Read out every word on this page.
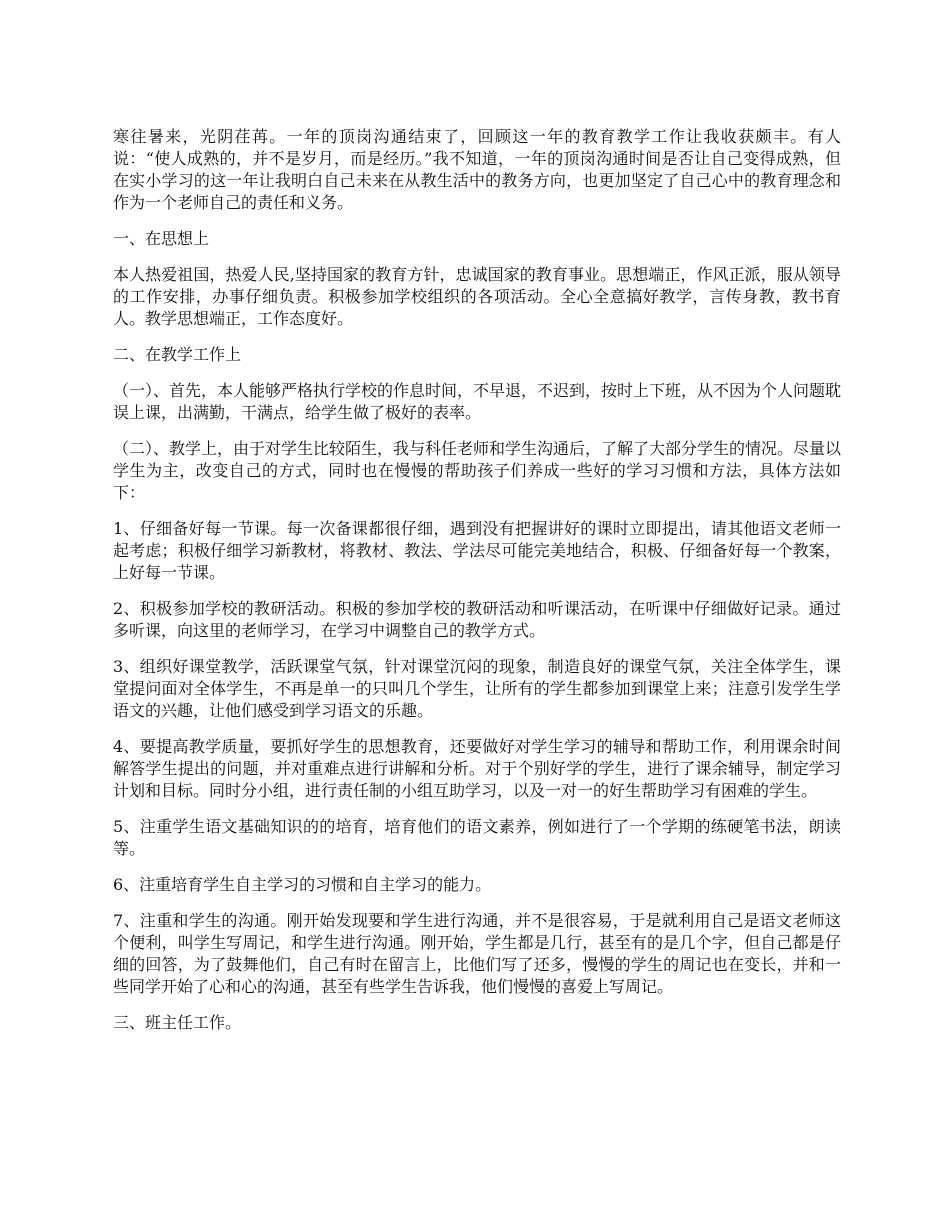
寒往暑来，光阴荏苒。一年的顶岗沟通结束了，回顾这一年的教育教学工作让我收获颇丰。有人说：“使人成熟的，并不是岁月，而是经历。”我不知道，一年的顶岗沟通时间是否让自己变得成熟，但在实小学习的这一年让我明白自己未来在从教生活中的教务方向，也更加坚定了自己心中的教育理念和作为一个老师自己的责任和义务。

一、在思想上

本人热爱祖国，热爱人民,坚持国家的教育方针，忠诚国家的教育事业。思想端正，作风正派，服从领导的工作安排，办事仔细负责。积极参加学校组织的各项活动。全心全意搞好教学，言传身教，教书育人。教学思想端正，工作态度好。

二、在教学工作上

（一）、首先，本人能够严格执行学校的作息时间，不早退，不迟到，按时上下班，从不因为个人问题耽误上课，出满勤，干满点，给学生做了极好的表率。

（二）、教学上，由于对学生比较陌生，我与科任老师和学生沟通后，了解了大部分学生的情况。尽量以学生为主，改变自己的方式，同时也在慢慢的帮助孩子们养成一些好的学习习惯和方法，具体方法如下：

1、仔细备好每一节课。每一次备课都很仔细，遇到没有把握讲好的课时立即提出，请其他语文老师一起考虑；积极仔细学习新教材，将教材、教法、学法尽可能完美地结合，积极、仔细备好每一个教案，上好每一节课。

2、积极参加学校的教研活动。积极的参加学校的教研活动和听课活动，在听课中仔细做好记录。通过多听课，向这里的老师学习，在学习中调整自己的教学方式。

3、组织好课堂教学，活跃课堂气氛，针对课堂沉闷的现象，制造良好的课堂气氛，关注全体学生，课堂提问面对全体学生，不再是单一的只叫几个学生，让所有的学生都参加到课堂上来；注意引发学生学语文的兴趣，让他们感受到学习语文的乐趣。

4、要提高教学质量，要抓好学生的思想教育，还要做好对学生学习的辅导和帮助工作，利用课余时间解答学生提出的问题，并对重难点进行讲解和分析。对于个别好学的学生，进行了课余辅导，制定学习计划和目标。同时分小组，进行责任制的小组互助学习，以及一对一的好生帮助学习有困难的学生。

5、注重学生语文基础知识的的培育，培育他们的语文素养，例如进行了一个学期的练硬笔书法，朗读等。

6、注重培育学生自主学习的习惯和自主学习的能力。

7、注重和学生的沟通。刚开始发现要和学生进行沟通，并不是很容易，于是就利用自己是语文老师这个便利，叫学生写周记，和学生进行沟通。刚开始，学生都是几行，甚至有的是几个字，但自己都是仔细的回答，为了鼓舞他们，自己有时在留言上，比他们写了还多，慢慢的学生的周记也在变长，并和一些同学开始了心和心的沟通，甚至有些学生告诉我，他们慢慢的喜爱上写周记。

三、班主任工作。
